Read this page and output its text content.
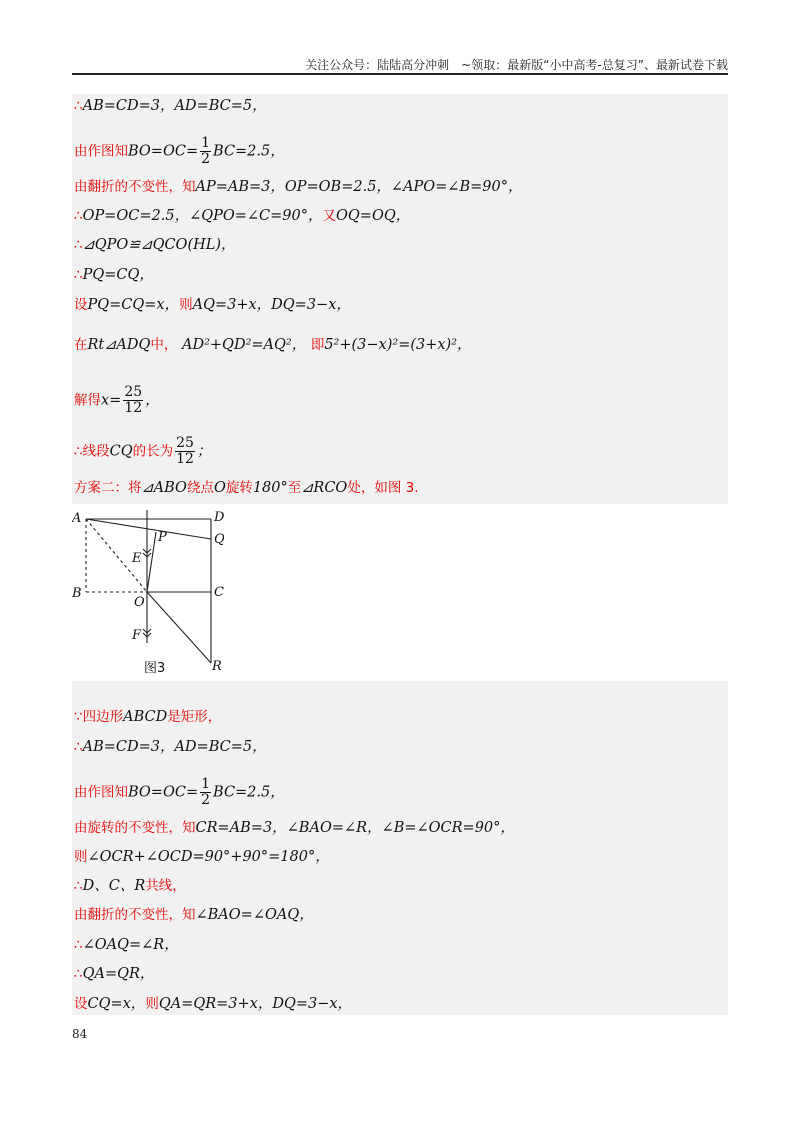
关注公众号：陆陆高分冲刺　~领取：最新版“小中高考-总复习”、最新试卷下载
∴AB=CD=3，AD=BC=5，
由作图知$BO=OC= \frac{1}{2} BC=2.5$，
由翻折的不变性，知AP=AB=3，OP=OB=2.5，∠APO=∠B=90°，
∴OP=OC=2.5，∠QPO=∠C=90°，又OQ=OQ，
∴⊿QPO≌⊿QCO(HL)，
∴PQ=CQ，
设PQ=CQ=x，则AQ=3+x，DQ=3−x，
在Rt⊿ADQ中， AD²+QD²=AQ²， 即5²+(3−x)²=(3+x)²，
解得$x= \frac{25}{12}$ ，
∴线段CQ的长为 $\frac{25}{12}$ ；
方案二：将⊿ABO绕点O旋转180°至⊿RCO处，如图 3.
A	D
P	Q
E
B
O
C
F
R
图3
∵四边形ABCD是矩形，
∴AB=CD=3，AD=BC=5，
由作图知$BO=OC= \frac{1}{2} BC=2.5$，
由旋转的不变性，知CR=AB=3，∠BAO=∠R，∠B=∠OCR=90°，
则∠OCR+∠OCD=90°+90°=180°，
∴D、C、R共线，
由翻折的不变性，知∠BAO=∠OAQ，
∴∠OAQ=∠R，
∴QA=QR，
设CQ=x，则QA=QR=3+x，DQ=3−x，
84
